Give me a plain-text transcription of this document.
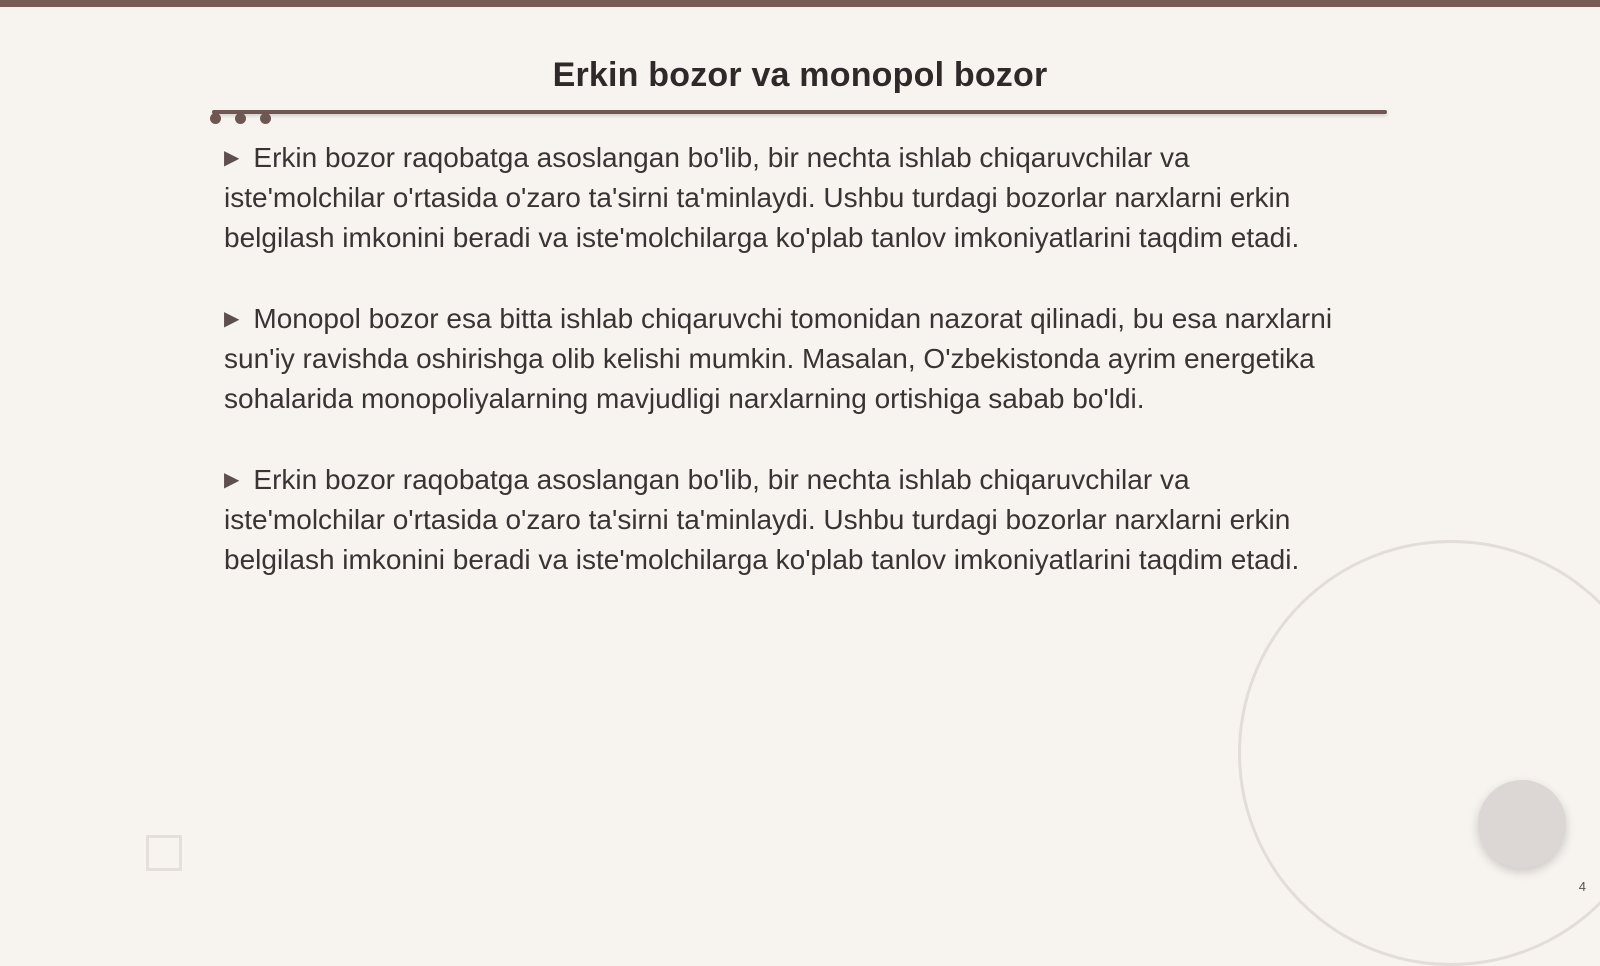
Erkin bozor va monopol bozor

▶ Erkin bozor raqobatga asoslangan bo'lib, bir nechta ishlab chiqaruvchilar va iste'molchilar o'rtasida o'zaro ta'sirni ta'minlaydi. Ushbu turdagi bozorlar narxlarni erkin belgilash imkonini beradi va iste'molchilarga ko'plab tanlov imkoniyatlarini taqdim etadi.

▶ Monopol bozor esa bitta ishlab chiqaruvchi tomonidan nazorat qilinadi, bu esa narxlarni sun'iy ravishda oshirishga olib kelishi mumkin. Masalan, O'zbekistonda ayrim energetika sohalarida monopoliyalarning mavjudligi narxlarning ortishiga sabab bo'ldi.

▶ Erkin bozor raqobatga asoslangan bo'lib, bir nechta ishlab chiqaruvchilar va iste'molchilar o'rtasida o'zaro ta'sirni ta'minlaydi. Ushbu turdagi bozorlar narxlarni erkin belgilash imkonini beradi va iste'molchilarga ko'plab tanlov imkoniyatlarini taqdim etadi.

4
